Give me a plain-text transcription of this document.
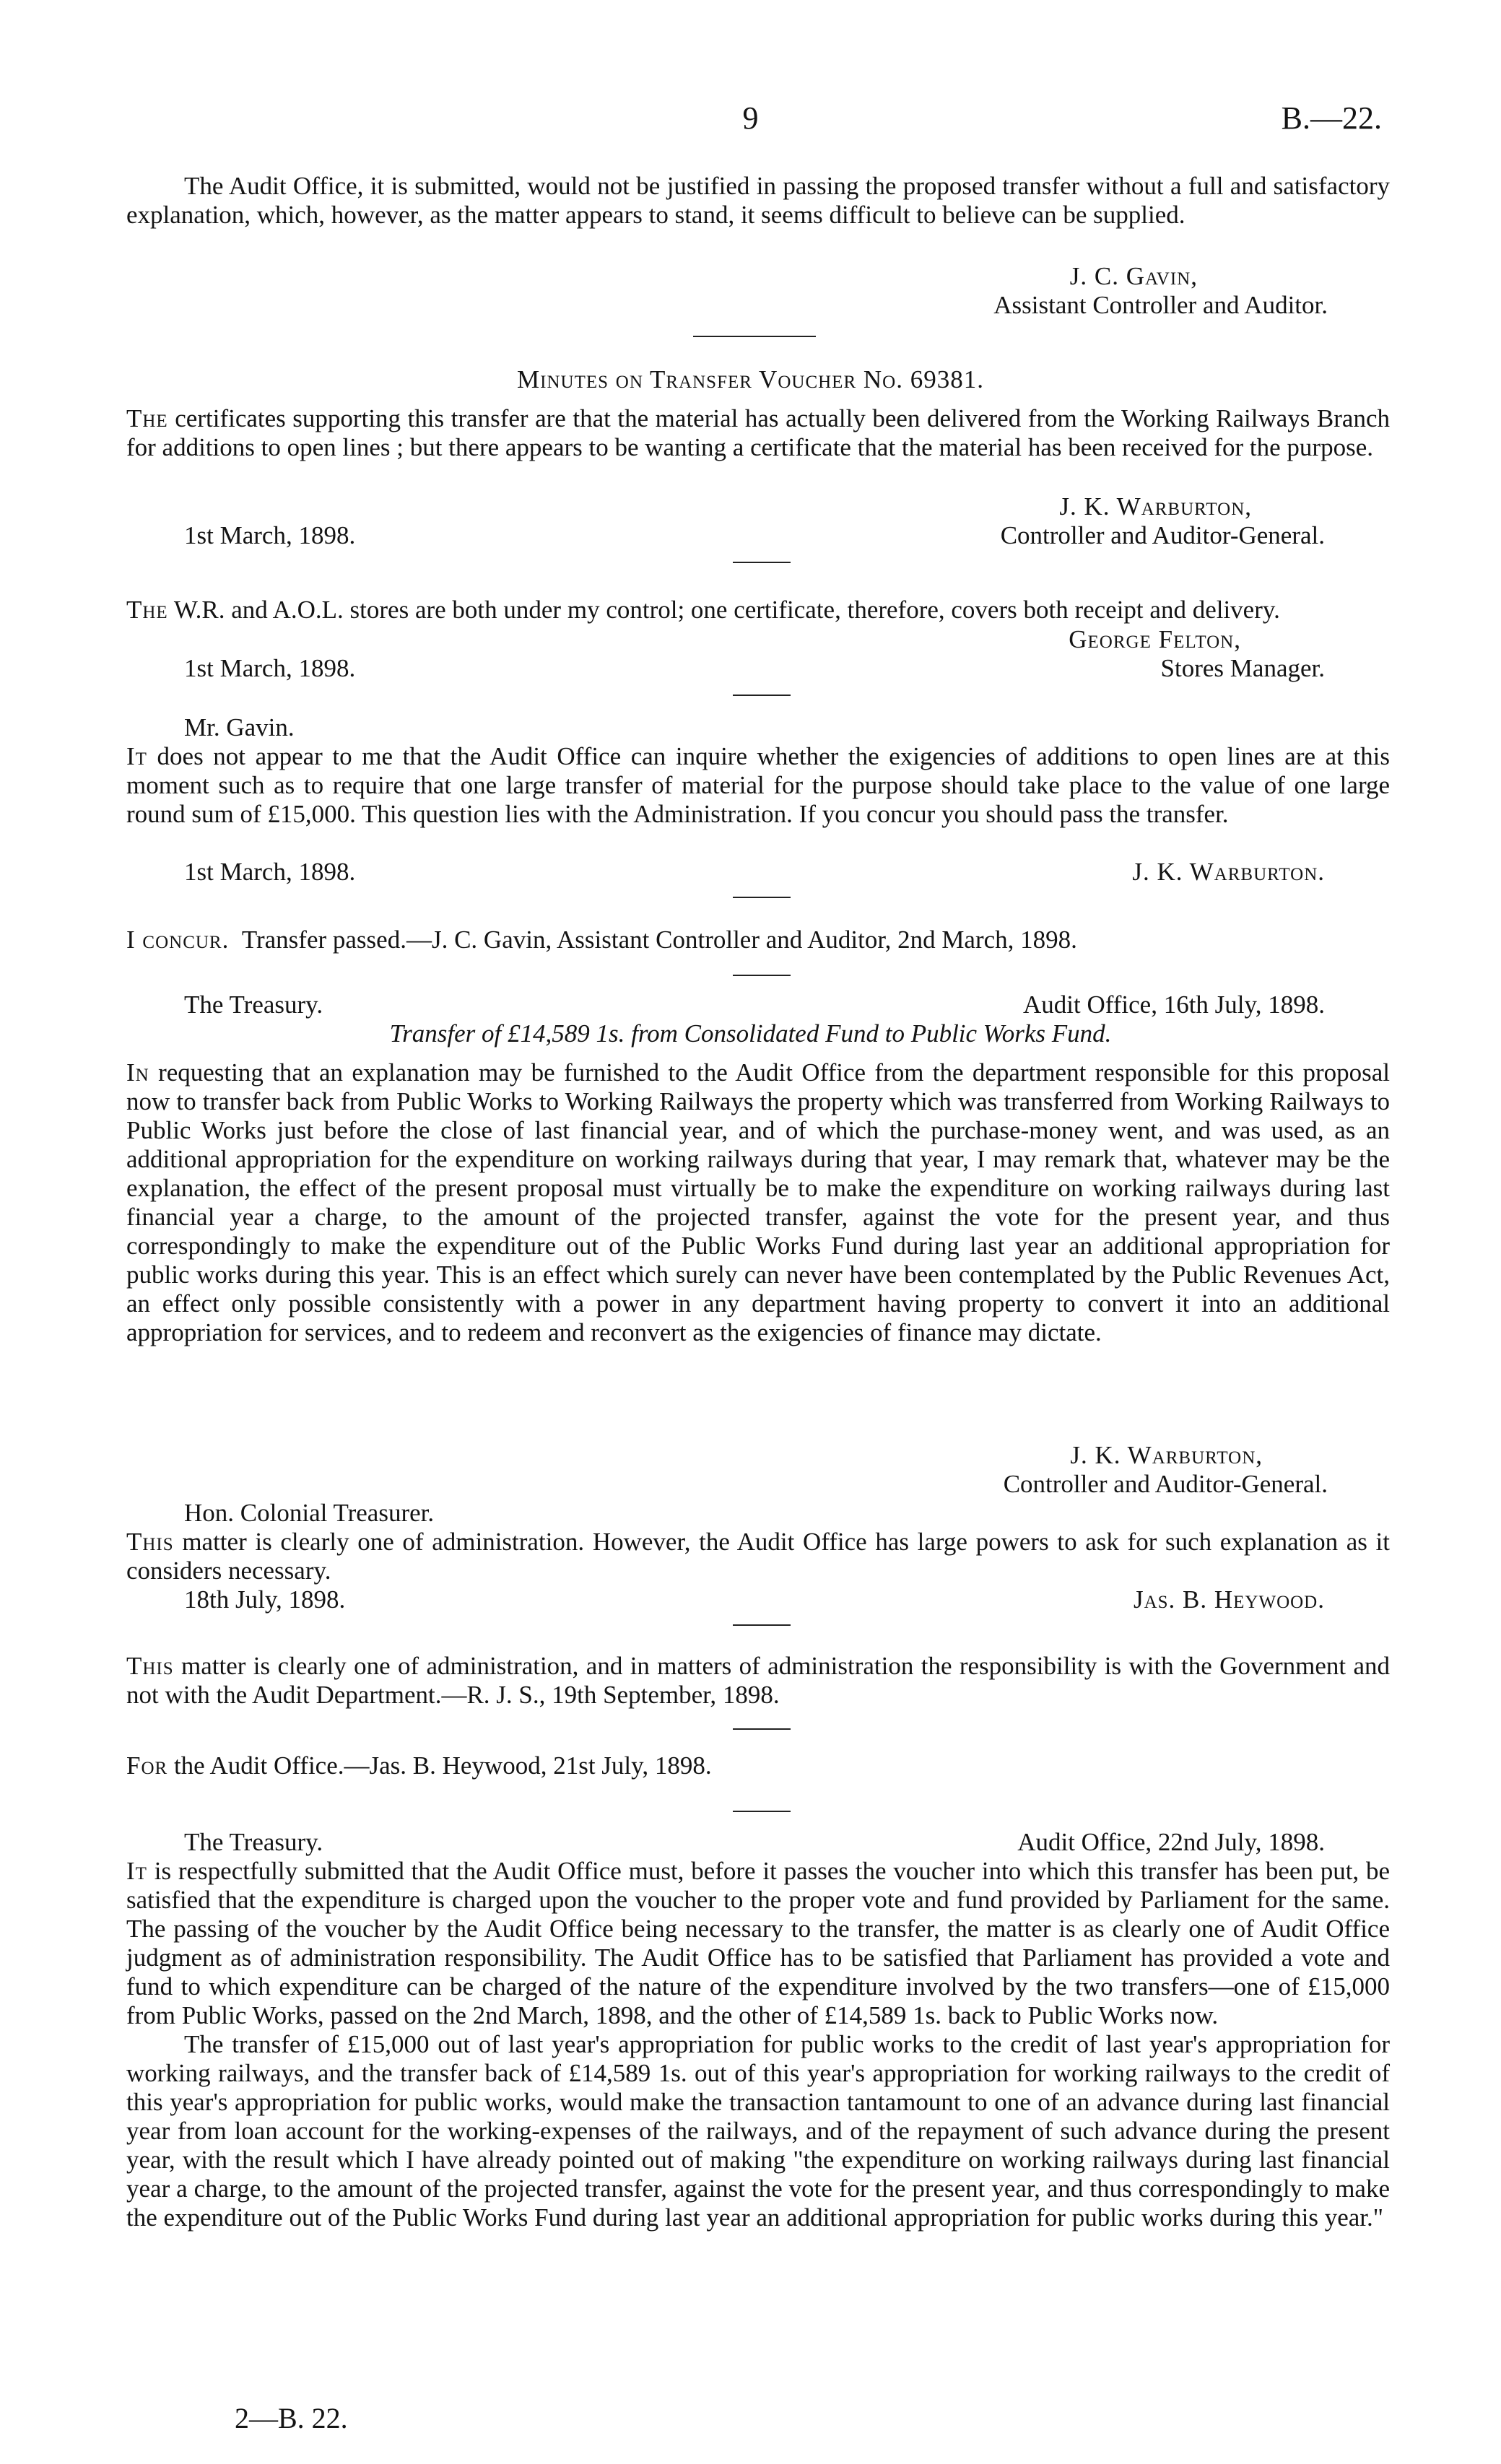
9	B.—22.

The Audit Office, it is submitted, would not be justified in passing the proposed transfer without a full and satisfactory explanation, which, however, as the matter appears to stand, it seems difficult to believe can be supplied.

J. C. Gavin,
Assistant Controller and Auditor.
Minutes on Transfer Voucher No. 69381.

The certificates supporting this transfer are that the material has actually been delivered from the Working Railways Branch for additions to open lines ; but there appears to be wanting a certificate that the material has been received for the purpose.

J. K. Warburton,
1st March, 1898.	Controller and Auditor-General.

The W.R. and A.O.L. stores are both under my control; one certificate, therefore, covers both receipt and delivery.

George Felton,
1st March, 1898.	Stores Manager.
Mr. Gavin.

It does not appear to me that the Audit Office can inquire whether the exigencies of additions to open lines are at this moment such as to require that one large transfer of material for the purpose should take place to the value of one large round sum of £15,000. This question lies with the Administration. If you concur you should pass the transfer.

1st March, 1898.	J. K. Warburton.

I concur. Transfer passed.—J. C. Gavin, Assistant Controller and Auditor, 2nd March, 1898.

The Treasury.	Audit Office, 16th July, 1898.
Transfer of £14,589 1s. from Consolidated Fund to Public Works Fund.

In requesting that an explanation may be furnished to the Audit Office from the department responsible for this proposal now to transfer back from Public Works to Working Railways the property which was transferred from Working Railways to Public Works just before the close of last financial year, and of which the purchase-money went, and was used, as an additional appropriation for the expenditure on working railways during that year, I may remark that, whatever may be the explanation, the effect of the present proposal must virtually be to make the expenditure on working railways during last financial year a charge, to the amount of the projected transfer, against the vote for the present year, and thus correspondingly to make the expenditure out of the Public Works Fund during last year an additional appropriation for public works during this year. This is an effect which surely can never have been contemplated by the Public Revenues Act, an effect only possible consistently with a power in any department having property to convert it into an additional appropriation for services, and to redeem and reconvert as the exigencies of finance may dictate.

J. K. Warburton,
Controller and Auditor-General.
Hon. Colonial Treasurer.

This matter is clearly one of administration. However, the Audit Office has large powers to ask for such explanation as it considers necessary.

18th July, 1898.	Jas. B. Heywood.

This matter is clearly one of administration, and in matters of administration the responsibility is with the Government and not with the Audit Department.—R. J. S., 19th September, 1898.

For the Audit Office.—Jas. B. Heywood, 21st July, 1898.

The Treasury.	Audit Office, 22nd July, 1898.

It is respectfully submitted that the Audit Office must, before it passes the voucher into which this transfer has been put, be satisfied that the expenditure is charged upon the voucher to the proper vote and fund provided by Parliament for the same. The passing of the voucher by the Audit Office being necessary to the transfer, the matter is as clearly one of Audit Office judgment as of administration responsibility. The Audit Office has to be satisfied that Parliament has provided a vote and fund to which expenditure can be charged of the nature of the expenditure involved by the two transfers—one of £15,000 from Public Works, passed on the 2nd March, 1898, and the other of £14,589 1s. back to Public Works now.

The transfer of £15,000 out of last year's appropriation for public works to the credit of last year's appropriation for working railways, and the transfer back of £14,589 1s. out of this year's appropriation for working railways to the credit of this year's appropriation for public works, would make the transaction tantamount to one of an advance during last financial year from loan account for the working-expenses of the railways, and of the repayment of such advance during the present year, with the result which I have already pointed out of making "the expenditure on working railways during last financial year a charge, to the amount of the projected transfer, against the vote for the present year, and thus correspondingly to make the expenditure out of the Public Works Fund during last year an additional appropriation for public works during this year."

2—B. 22.
